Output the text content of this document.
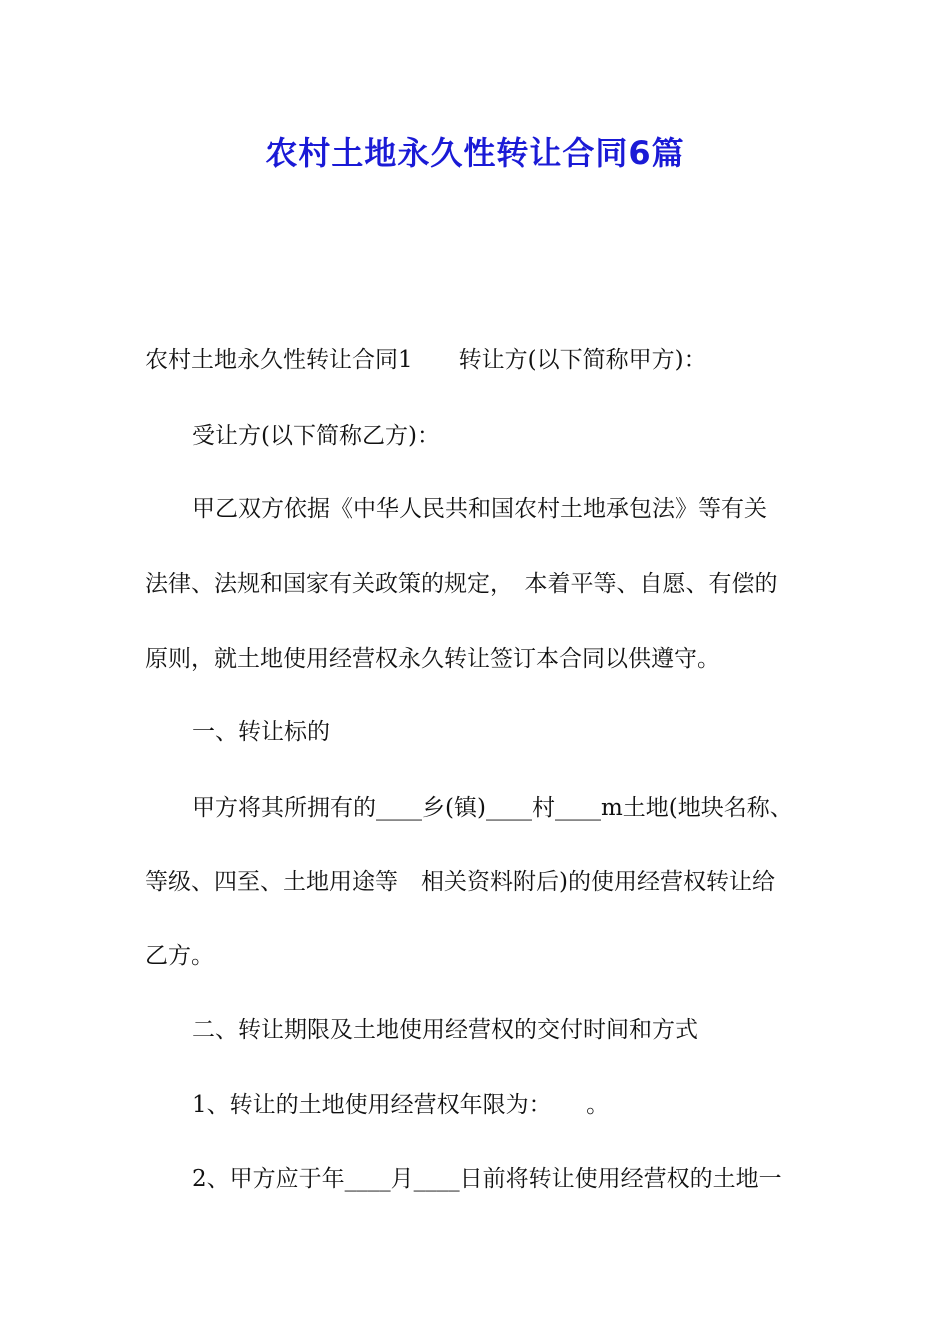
农村土地永久性转让合同6篇
农村土地永久性转让合同1　　转让方(以下简称甲方)：
受让方(以下简称乙方)：
甲乙双方依据《中华人民共和国农村土地承包法》等有关
法律、法规和国家有关政策的规定，　本着平等、自愿、有偿的
原则，就土地使用经营权永久转让签订本合同以供遵守。
一、转让标的
甲方将其所拥有的____乡(镇)____村____m土地(地块名称、
等级、四至、土地用途等　相关资料附后)的使用经营权转让给
乙方。
二、转让期限及土地使用经营权的交付时间和方式
1、转让的土地使用经营权年限为：　　。
2、甲方应于年____月____日前将转让使用经营权的土地一
